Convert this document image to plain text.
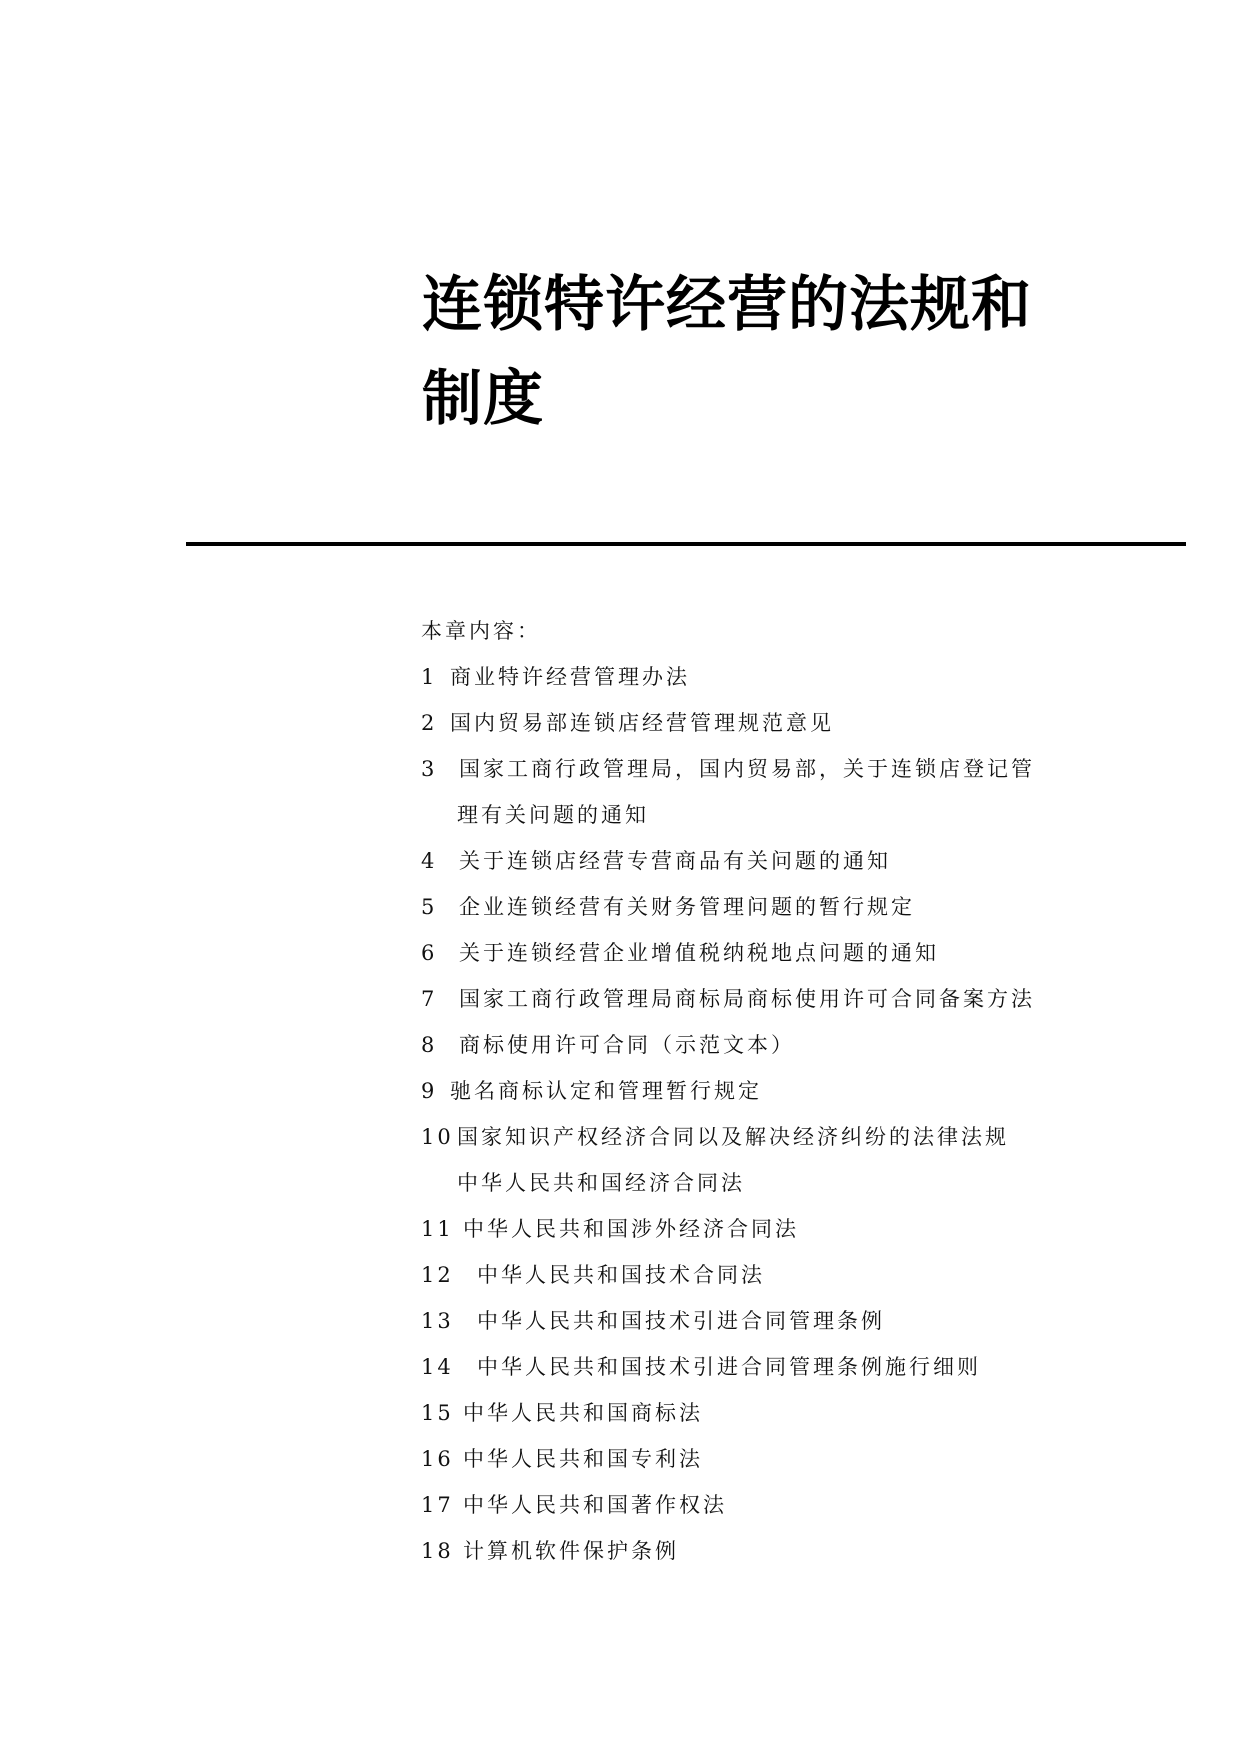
连锁特许经营的法规和
制度
本章内容：
1 商业特许经营管理办法
2 国内贸易部连锁店经营管理规范意见
3	国家工商行政管理局，国内贸易部，关于连锁店登记管
理有关问题的通知
4	关于连锁店经营专营商品有关问题的通知
5	企业连锁经营有关财务管理问题的暂行规定
6	关于连锁经营企业增值税纳税地点问题的通知
7	国家工商行政管理局商标局商标使用许可合同备案方法
8	商标使用许可合同（示范文本）
9 驰名商标认定和管理暂行规定
10 国家知识产权经济合同以及解决经济纠纷的法律法规
中华人民共和国经济合同法
11 中华人民共和国涉外经济合同法
12	中华人民共和国技术合同法
13	中华人民共和国技术引进合同管理条例
14	中华人民共和国技术引进合同管理条例施行细则
15 中华人民共和国商标法
16 中华人民共和国专利法
17 中华人民共和国著作权法
18 计算机软件保护条例
